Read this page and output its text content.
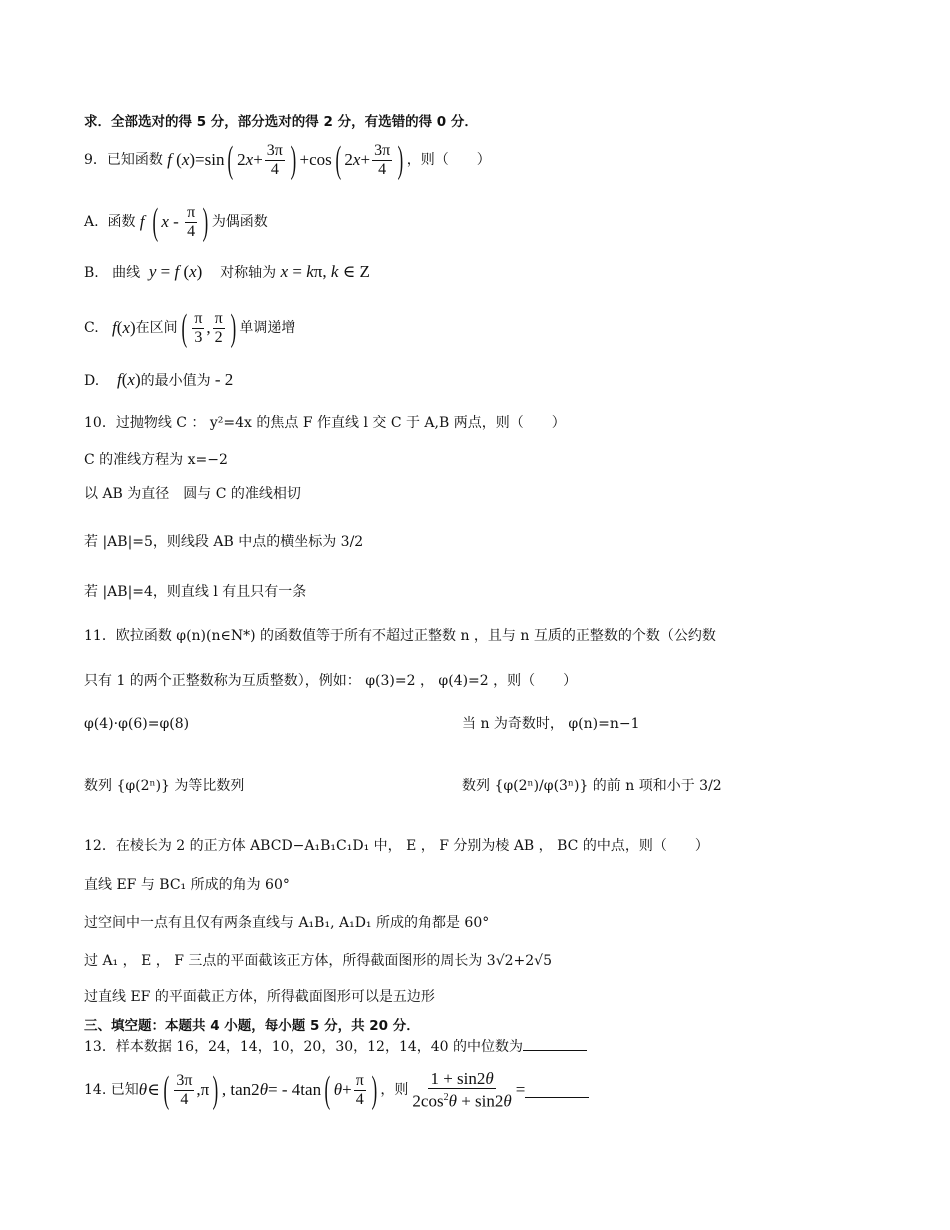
求．全部选对的得 5 分，部分选对的得 2 分，有选错的得 0 分．
9．已知函数 f ( x ) =sin ( 2 $x + \frac{3\pi}{4}$ ) +cos ( 2 $x + \frac{3\pi}{4}$ ) ，则（　　）
A.
函数 f ( x - $\frac{\pi}{4}$ ) 为偶函数
B. 曲线  y = f (x) 对称轴为 x = kπ, k ∈ Z
C.
f ( x ) 在区间 ( $\frac{\pi}{3}$ , $\frac{\pi}{2}$ ) 单调递增
D. f(x)的最小值为 - 2
10．过抛物线 C ： y²=4x 的焦点 F 作直线 l 交 C 于 A,B 两点，则（　　）
C 的准线方程为 x=−2
以 AB 为直径　圆与 C 的准线相切
若 |AB|=5，则线段 AB 中点的横坐标为 3/2
若 |AB|=4，则直线 l 有且只有一条
11．欧拉函数 φ(n)(n∈N*) 的函数值等于所有不超过正整数 n ，且与 n 互质的正整数的个数（公约数
只有 1 的两个正整数称为互质整数），例如： φ(3)=2 ， φ(4)=2 ，则（　　）
φ(4)·φ(6)=φ(8)	当 n 为奇数时， φ(n)=n−1
数列 {φ(2ⁿ)} 为等比数列	数列 {φ(2ⁿ)/φ(3ⁿ)} 的前 n 项和小于 3/2
12．在棱长为 2 的正方体 ABCD−A₁B₁C₁D₁ 中， E ， F 分别为棱 AB ， BC 的中点，则（　　）
直线 EF 与 BC₁ 所成的角为 60°
过空间中一点有且仅有两条直线与 A₁B₁, A₁D₁ 所成的角都是 60°
过 A₁ ， E ， F 三点的平面截该正方体，所得截面图形的周长为 3√2+2√5
过直线 EF 的平面截正方体，所得截面图形可以是五边形
三、填空题：本题共 4 小题，每小题 5 分，共 20 分．
13．样本数据 16，24，14，10，20，30，12，14，40 的中位数为
14. 已知 θ ∈ ( $\frac{3\pi}{4} ,\pi$ ) , tan2 θ = - 4tan ( $\theta + \frac{\pi}{4}$ ) ，则 $\frac{1 + \sin 2\theta}{2\cos^2\theta + \sin 2\theta}$ =
